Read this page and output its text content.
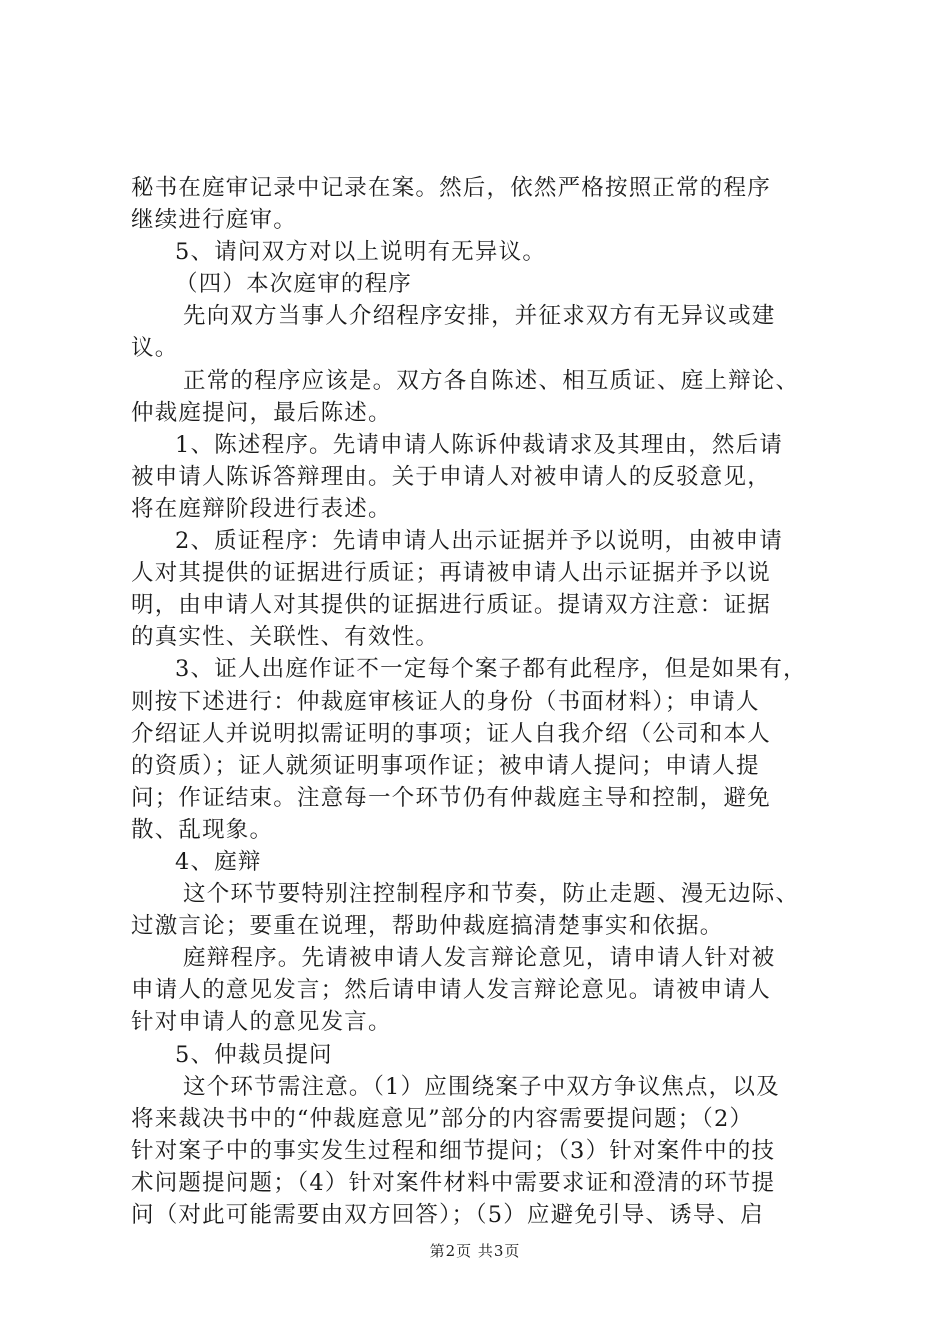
秘书在庭审记录中记录在案。然后，依然严格按照正常的程序
继续进行庭审。
5、请问双方对以上说明有无异议。
（四）本次庭审的程序
先向双方当事人介绍程序安排，并征求双方有无异议或建
议。
正常的程序应该是。双方各自陈述、相互质证、庭上辩论、
仲裁庭提问，最后陈述。
1、陈述程序。先请申请人陈诉仲裁请求及其理由，然后请
被申请人陈诉答辩理由。关于申请人对被申请人的反驳意见，
将在庭辩阶段进行表述。
2、质证程序：先请申请人出示证据并予以说明，由被申请
人对其提供的证据进行质证；再请被申请人出示证据并予以说
明，由申请人对其提供的证据进行质证。提请双方注意：证据
的真实性、关联性、有效性。
3、证人出庭作证不一定每个案子都有此程序，但是如果有，
则按下述进行：仲裁庭审核证人的身份（书面材料）；申请人
介绍证人并说明拟需证明的事项；证人自我介绍（公司和本人
的资质）；证人就须证明事项作证；被申请人提问；申请人提
问；作证结束。注意每一个环节仍有仲裁庭主导和控制，避免
散、乱现象。
4、庭辩
这个环节要特别注控制程序和节奏，防止走题、漫无边际、
过激言论；要重在说理，帮助仲裁庭搞清楚事实和依据。
庭辩程序。先请被申请人发言辩论意见，请申请人针对被
申请人的意见发言；然后请申请人发言辩论意见。请被申请人
针对申请人的意见发言。
5、仲裁员提问
这个环节需注意。（1）应围绕案子中双方争议焦点，以及
将来裁决书中的“仲裁庭意见”部分的内容需要提问题；（2）
针对案子中的事实发生过程和细节提问；（3）针对案件中的技
术问题提问题；（4）针对案件材料中需要求证和澄清的环节提
问（对此可能需要由双方回答）；（5）应避免引导、诱导、启
第2页 共3页
